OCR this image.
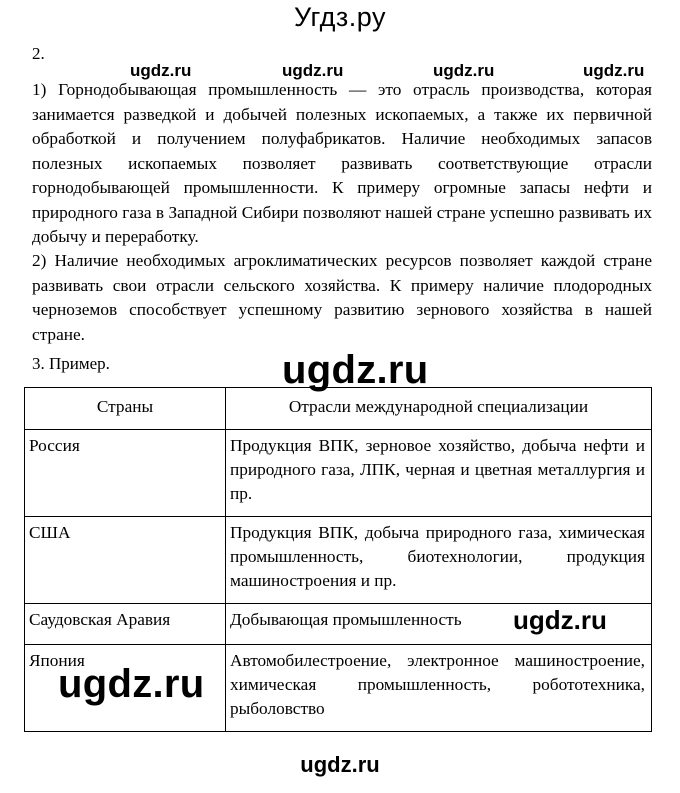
Угдз.ру
2.
1) Горнодобывающая промышленность — это отрасль производства, которая занимается разведкой и добычей полезных ископаемых, а также их первичной обработкой и получением полуфабрикатов. Наличие необходимых запасов полезных ископаемых позволяет развивать соответствующие отрасли горнодобывающей промышленности. К примеру огромные запасы нефти и природного газа в Западной Сибири позволяют нашей стране успешно развивать их добычу и переработку.
ugdz.ru	ugdz.ru	ugdz.ru	ugdz.ru
2) Наличие необходимых агроклиматических ресурсов позволяет каждой стране развивать свои отрасли сельского хозяйства. К примеру наличие плодородных черноземов способствует успешному развитию зернового хозяйства в нашей стране.
3. Пример.	ugdz.ru
Страны	Отрасли международной специализации
Россия	Продукция ВПК, зерновое хозяйство, добыча нефти и природного газа, ЛПК, черная и цветная металлургия и пр.
США	Продукция ВПК, добыча природного газа, химическая промышленность, биотехнологии, продукция машиностроения и пр.
Саудовская Аравия	Добывающая промышленность
Япония	Автомобилестроение, электронное машиностроение, химическая промышленность, робототехника, рыболовство
ugdz.ru
ugdz.ru
ugdz.ru
